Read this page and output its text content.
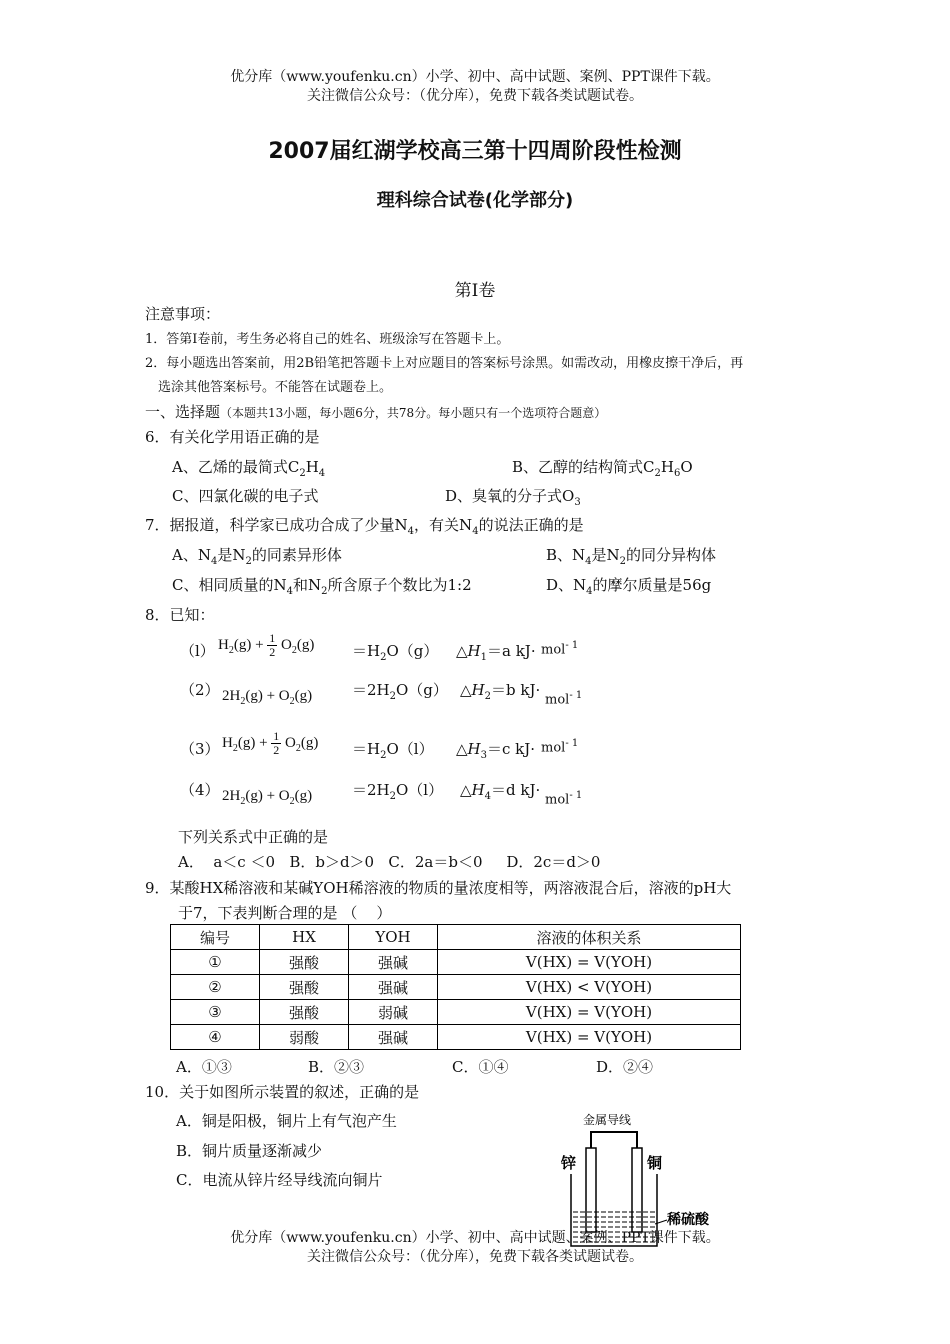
优分库（www.youfenku.cn）小学、初中、高中试题、案例、PPT课件下载。
关注微信公众号：（优分库），免费下载各类试题试卷。
2007届红湖学校高三第十四周阶段性检测
理科综合试卷(化学部分)
第Ⅰ卷
注意事项：
1．答第Ⅰ卷前，考生务必将自己的姓名、班级涂写在答题卡上。
2．每小题选出答案前，用2B铅笔把答题卡上对应题目的答案标号涂黑。如需改动，用橡皮擦干净后，再
选涂其他答案标号。不能答在试题卷上。
一、选择题（本题共13小题，每小题6分，共78分。每小题只有一个选项符合题意）
6．有关化学用语正确的是
A、乙烯的最简式$C_2H_4$	B、乙醇的结构简式$C_2H_6O$
C、四氯化碳的电子式	D、臭氧的分子式$O_3$
7．据报道，科学家已成功合成了少量$N_4$，有关$N_4$的说法正确的是
A、$N_4$是$N_2$的同素异形体	B、$N_4$是$N_2$的同分异构体
C、相同质量的$N_4$和$N_2$所含原子个数比为1:2	D、$N_4$的摩尔质量是56g
8．已知：
（l） $H_2(g) + \frac{1}{2} O_2(g)$	$=H_2O(g)$ $\triangle H_1=a$ kJ· mol$^{- 1}$
（2） $2H_2(g) + O_2(g)$	$=2H_2O(g)$ $\triangle H_2=b$ kJ·
mol$^{- 1}$
（3） $H_2(g) + \frac{1}{2} O_2(g) =H_2O(l)$ $\triangle H_3=c$ kJ· mol$^{- 1}$
（4） $2H_2(g) + O_2(g)$	$=2H_2O(l)$ $\triangle H_4=d$ kJ·
mol$^{- 1}$
下列关系式中正确的是
A．  a＜c ＜0   B．b＞d＞0   C．2a＝b＜0     D．2c＝d＞0
9．某酸HX稀溶液和某碱YOH稀溶液的物质的量浓度相等，两溶液混合后，溶液的pH大
于7，下表判断合理的是 （    ）
编号	HX	YOH	溶液的体积关系
①	强酸	强碱	V(HX) = V(YOH)
②	强酸	强碱	V(HX) < V(YOH)
③	强酸	弱碱	V(HX) = V(YOH)
④	弱酸	强碱	V(HX) = V(YOH)
A．①③	B．②③	C．①④	D．②④
10．关于如图所示装置的叙述，正确的是
A．铜是阳极，铜片上有气泡产生
B．铜片质量逐渐减少
C．电流从锌片经导线流向铜片
金属导线
锌	铜
稀硫酸
优分库（www.youfenku.cn）小学、初中、高中试题、案例、PPT课件下载。
关注微信公众号：（优分库），免费下载各类试题试卷。
